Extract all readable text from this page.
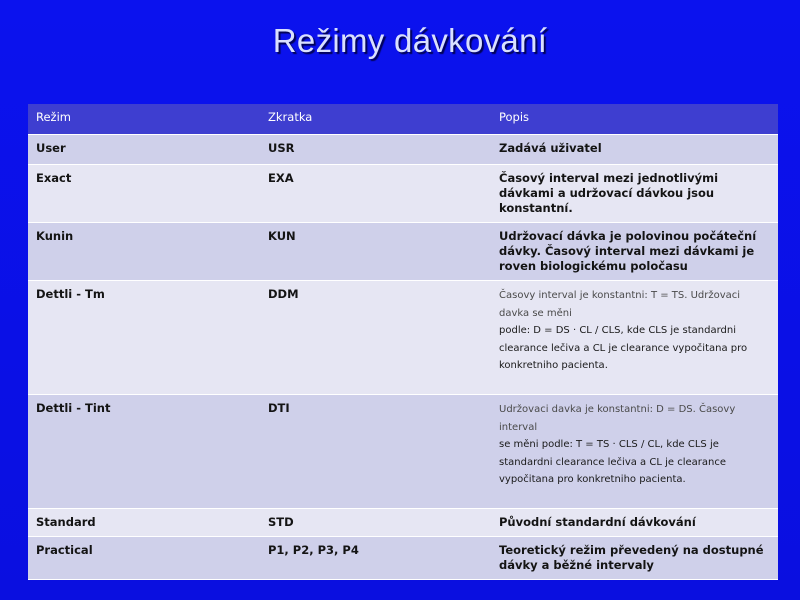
Režimy dávkování
Režim	Zkratka	Popis
User	USR	Zadává uživatel
Exact	EXA	Časový interval mezi jednotlivými dávkami a udržovací dávkou jsou konstantní.
Kunin	KUN	Udržovací dávka je polovinou počáteční dávky. Časový interval mezi dávkami je roven biologickému poločasu
Dettli - Tm	DDM	Časovy interval je konstantni: T = TS. Udržovaci davka se měni
podle: D = DS · CL / CLS, kde CLS je standardni clearance lečiva a CL je clearance vypočitana pro konkretniho pacienta.
Dettli - Tint	DTI	Udržovaci davka je konstantni: D = DS. Časovy interval
se měni podle: T = TS · CLS / CL, kde CLS je standardni clearance lečiva a CL je clearance vypočitana pro konkretniho pacienta.
Standard	STD	Původní standardní dávkování
Practical	P1, P2, P3, P4	Teoretický režim převedený na dostupné dávky a běžné intervaly
